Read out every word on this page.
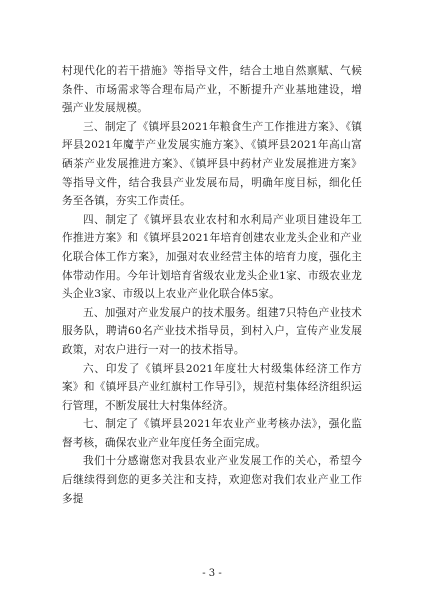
村现代化的若干措施》等指导文件，结合土地自然禀赋、气候条件、市场需求等合理布局产业，不断提升产业基地建设，增强产业发展规模。

三、制定了《镇坪县2021年粮食生产工作推进方案》、《镇坪县2021年魔芋产业发展实施方案》、《镇坪县2021年高山富硒茶产业发展推进方案》、《镇坪县中药材产业发展推进方案》等指导文件，结合我县产业发展布局，明确年度目标，细化任务至各镇，夯实工作责任。

四、制定了《镇坪县农业农村和水利局产业项目建设年工作推进方案》和《镇坪县2021年培育创建农业龙头企业和产业化联合体工作方案》，加强对农业经营主体的培育力度，强化主体带动作用。今年计划培育省级农业龙头企业1家、市级农业龙头企业3家、市级以上农业产业化联合体5家。

五、加强对产业发展户的技术服务。组建7只特色产业技术服务队，聘请60名产业技术指导员，到村入户，宣传产业发展政策，对农户进行一对一的技术指导。

六、印发了《镇坪县2021年度壮大村级集体经济工作方案》和《镇坪县产业红旗村工作导引》，规范村集体经济组织运行管理，不断发展壮大村集体经济。

七、制定了《镇坪县2021年农业产业考核办法》，强化监督考核，确保农业产业年度任务全面完成。

我们十分感谢您对我县农业产业发展工作的关心，希望今后继续得到您的更多关注和支持，欢迎您对我们农业产业工作多提

- 3 -
